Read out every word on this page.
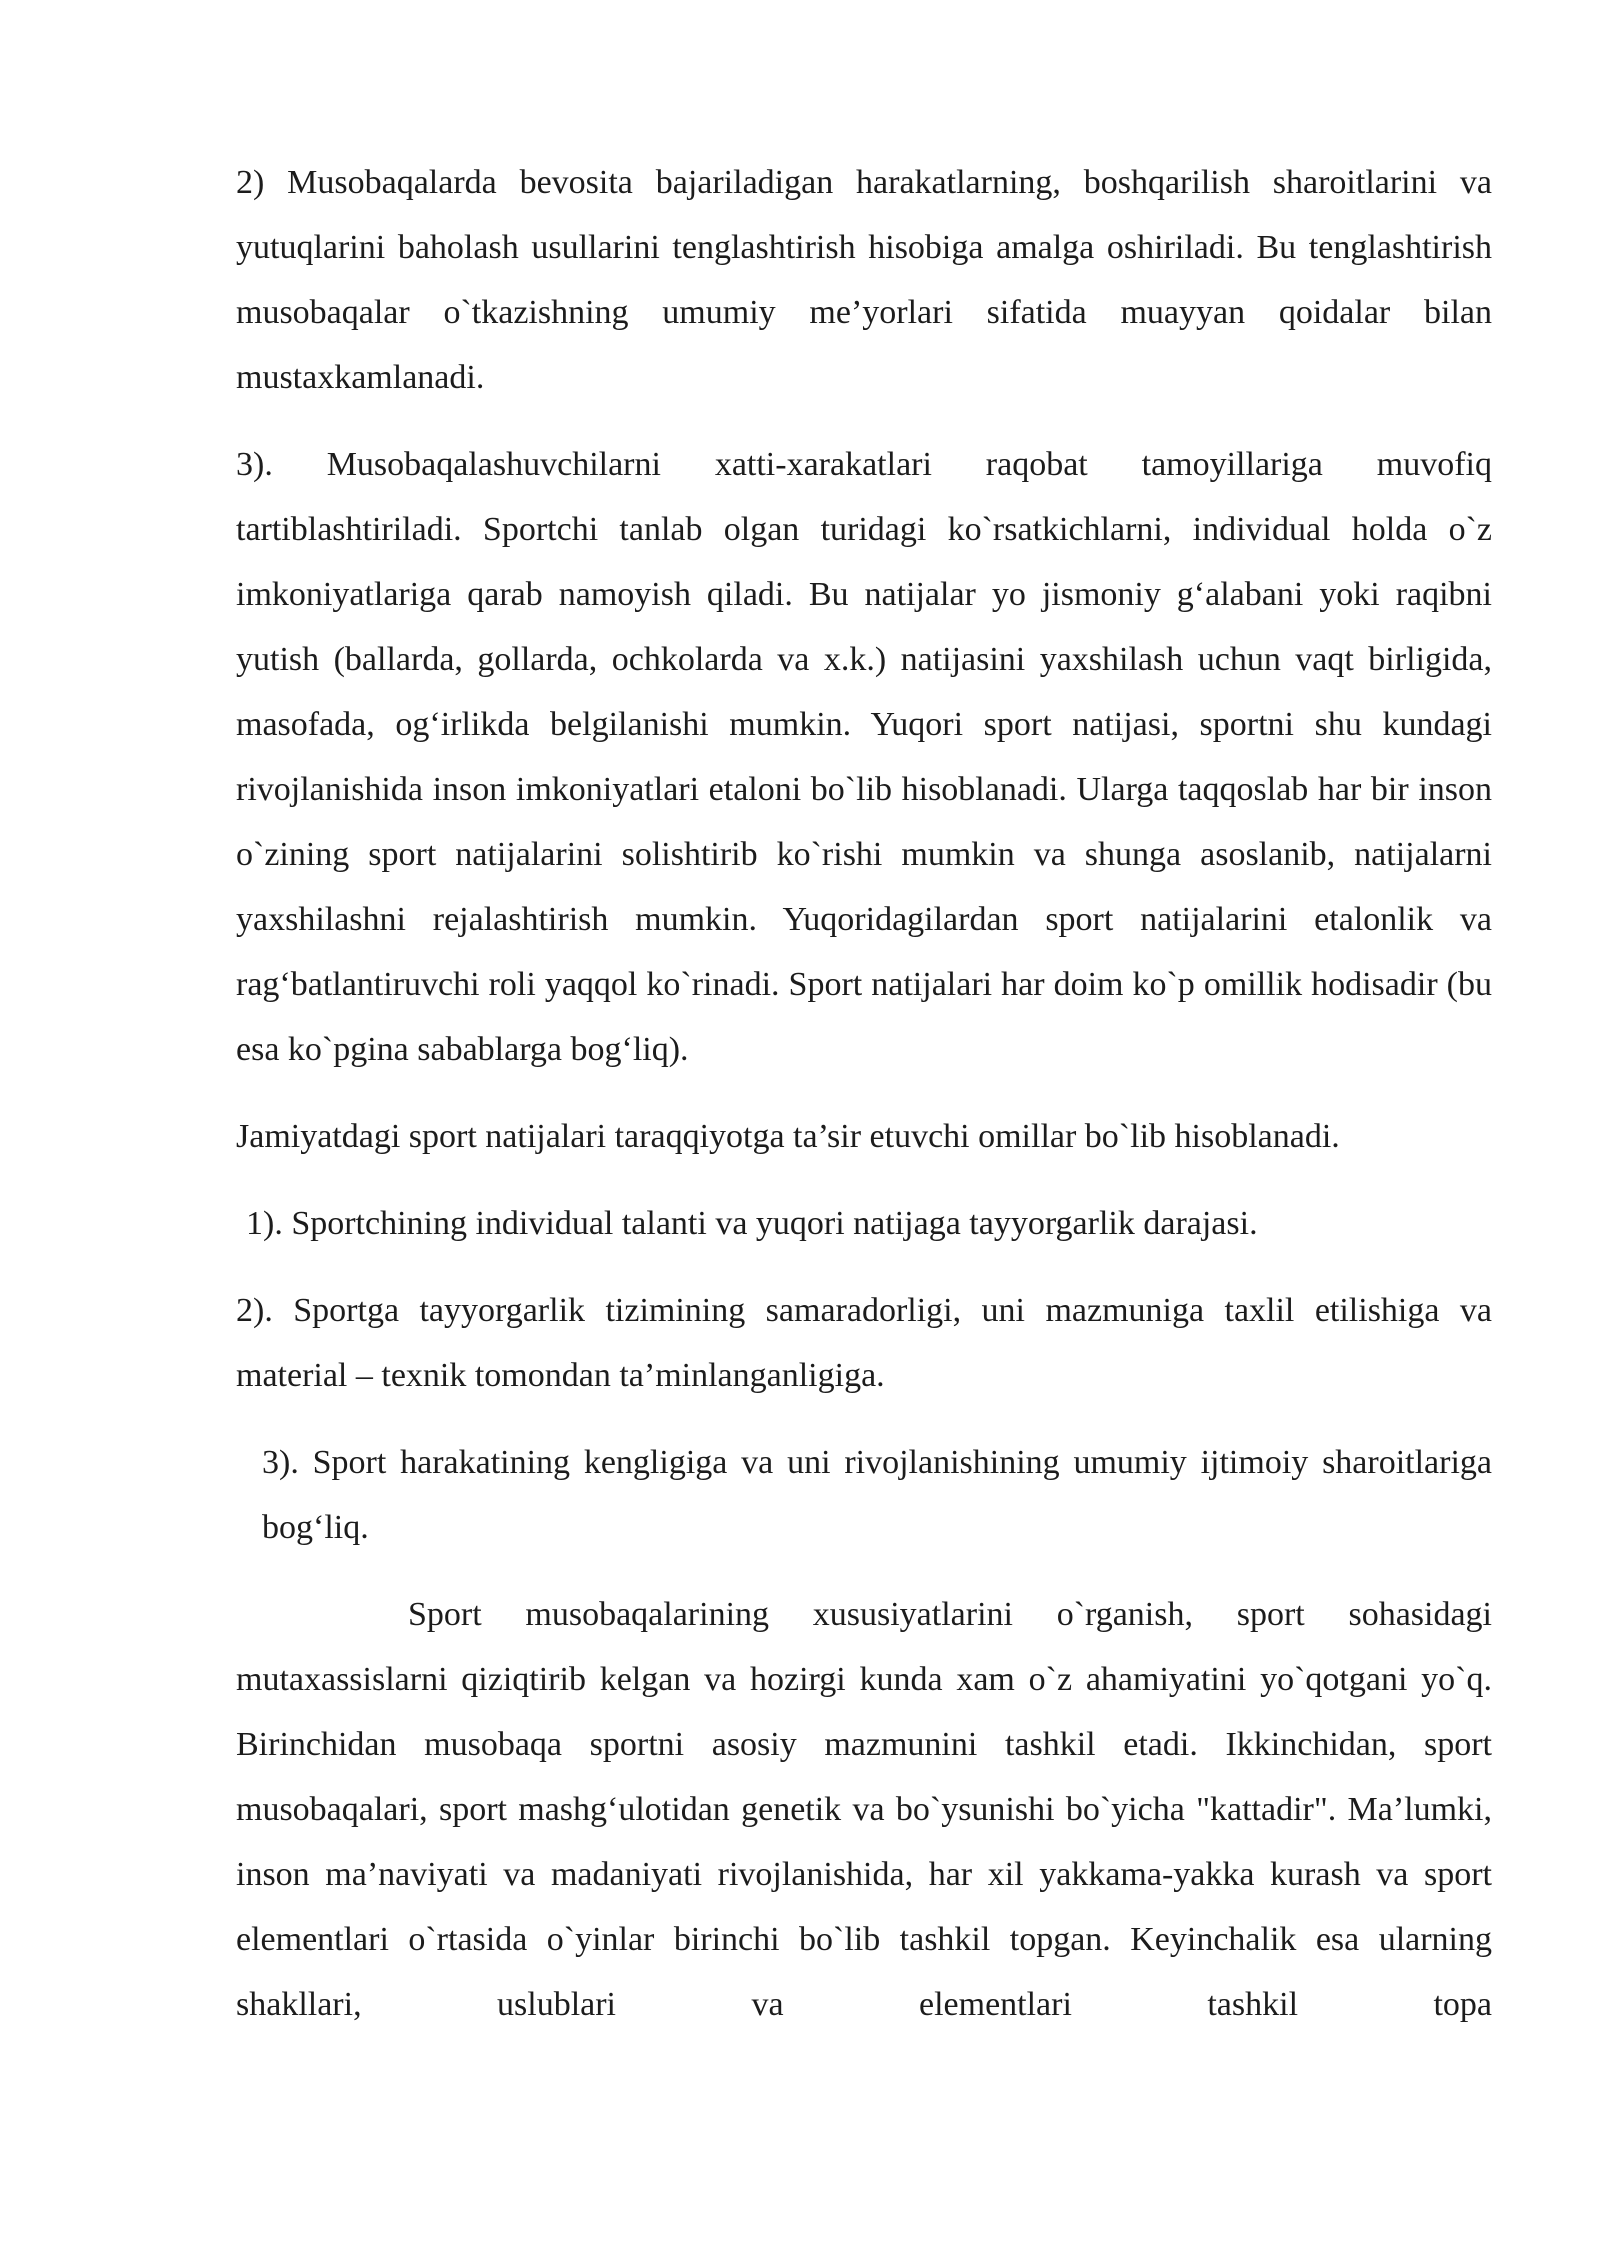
2) Musobaqalarda bevosita bajariladigan harakatlarning, boshqarilish sharoitlarini va yutuqlarini baholash usullarini tenglashtirish hisobiga amalga oshiriladi. Bu tenglashtirish musobaqalar o`tkazishning umumiy me’yorlari sifatida muayyan qoidalar bilan mustaxkamlanadi.

3). Musobaqalashuvchilarni xatti-xarakatlari raqobat tamoyillariga muvofiq tartiblashtiriladi. Sportchi tanlab olgan turidagi ko`rsatkichlarni, individual holda o`z imkoniyatlariga qarab namoyish qiladi. Bu natijalar yo jismoniy g‘alabani yoki raqibni yutish (ballarda, gollarda, ochkolarda va x.k.) natijasini yaxshilash uchun vaqt birligida, masofada, og‘irlikda belgilanishi mumkin. Yuqori sport natijasi, sportni shu kundagi rivojlanishida inson imkoniyatlari etaloni bo`lib hisoblanadi. Ularga taqqoslab har bir inson o`zining sport natijalarini solishtirib ko`rishi mumkin va shunga asoslanib, natijalarni yaxshilashni rejalashtirish mumkin. Yuqoridagilardan sport natijalarini etalonlik va rag‘batlantiruvchi roli yaqqol ko`rinadi. Sport natijalari har doim ko`p omillik hodisadir (bu esa ko`pgina sabablarga bog‘liq).

Jamiyatdagi sport natijalari taraqqiyotga ta’sir etuvchi omillar bo`lib hisoblanadi.

1). Sportchining individual talanti va yuqori natijaga tayyorgarlik darajasi.

2). Sportga tayyorgarlik tizimining samaradorligi, uni mazmuniga taxlil etilishiga va material – texnik tomondan ta’minlanganligiga.

3). Sport harakatining kengligiga va uni rivojlanishining umumiy ijtimoiy sharoitlariga bog‘liq.

Sport musobaqalarining xususiyatlarini o`rganish, sport sohasidagi mutaxassislarni qiziqtirib kelgan va hozirgi kunda xam o`z ahamiyatini yo`qotgani yo`q. Birinchidan musobaqa sportni asosiy mazmunini tashkil etadi. Ikkinchidan, sport musobaqalari, sport mashg‘ulotidan genetik va bo`ysunishi bo`yicha "kattadir". Ma’lumki, inson ma’naviyati va madaniyati rivojlanishida, har xil yakkama-yakka kurash va sport elementlari o`rtasida o`yinlar birinchi bo`lib tashkil topgan. Keyinchalik esa ularning shakllari, uslublari va elementlari tashkil topa
